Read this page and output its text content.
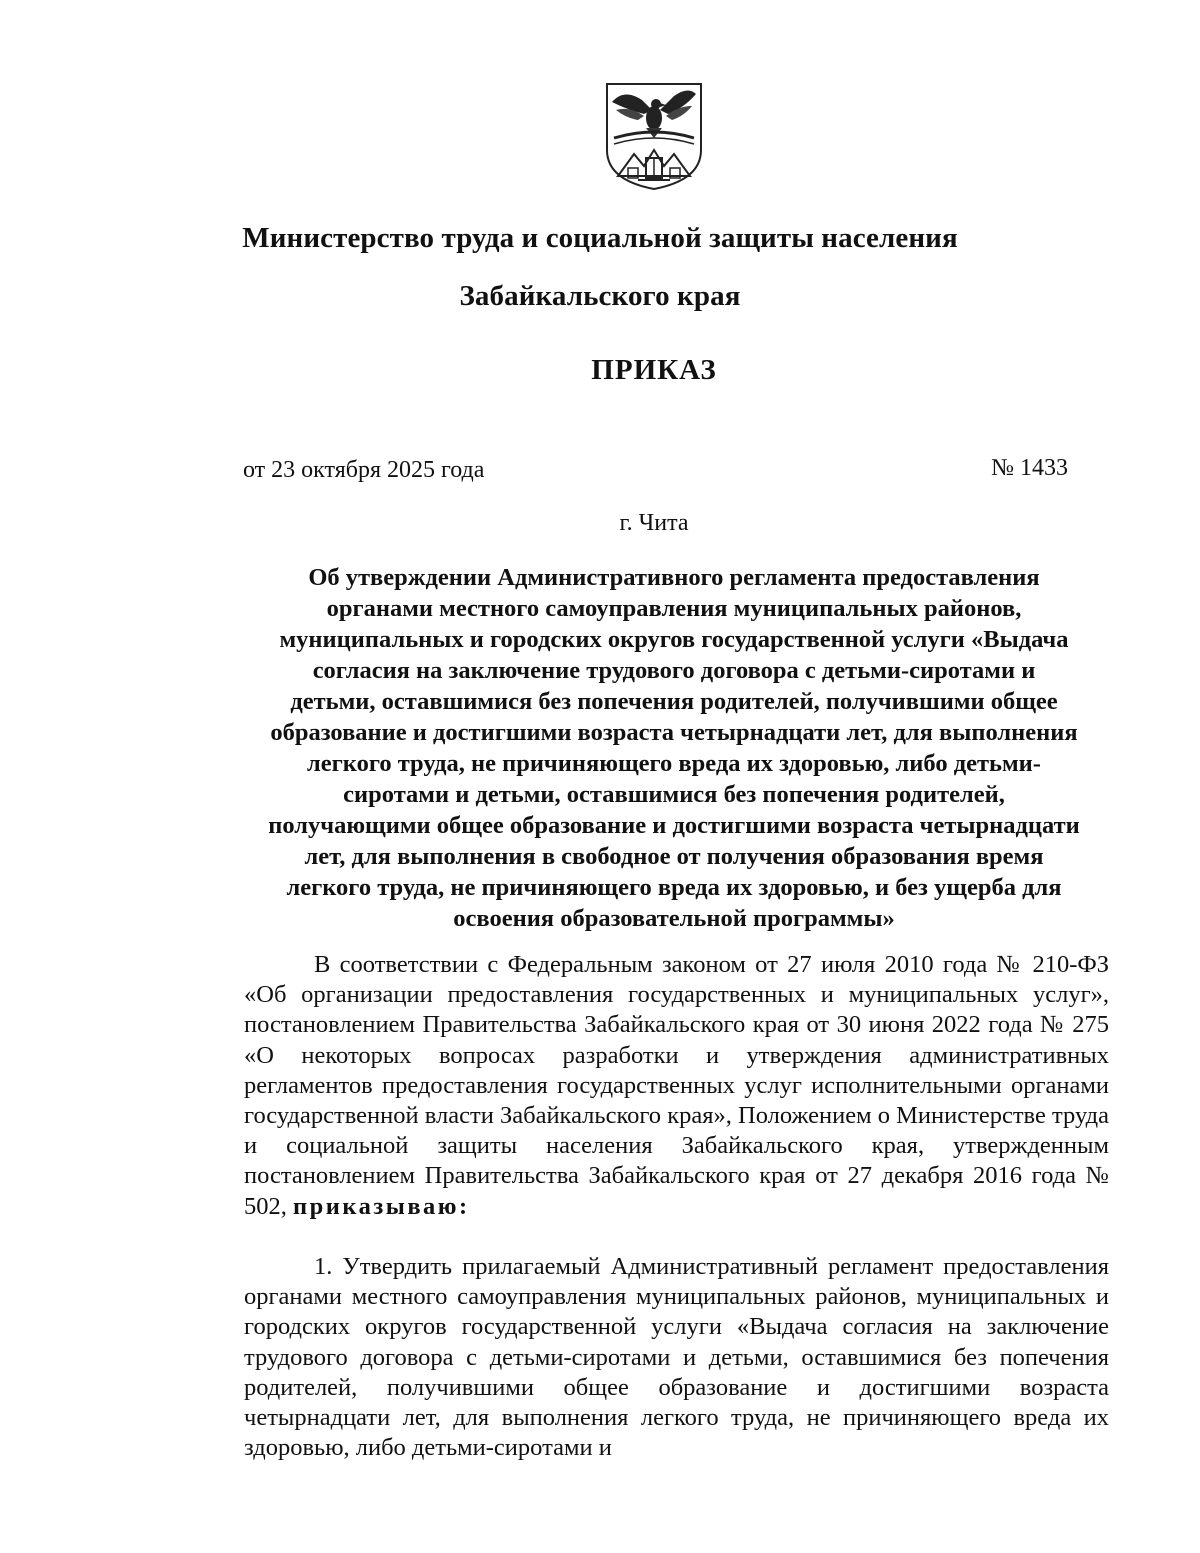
Министерство труда и социальной защиты населения
Забайкальского края
ПРИКАЗ
от 23 октября 2025 года	№ 1433
г. Чита
Об утверждении Административного регламента предоставления
органами местного самоуправления муниципальных районов,
муниципальных и городских округов государственной услуги «Выдача
согласия на заключение трудового договора с детьми-сиротами и
детьми, оставшимися без попечения родителей, получившими общее
образование и достигшими возраста четырнадцати лет, для выполнения
легкого труда, не причиняющего вреда их здоровью, либо детьми-
сиротами и детьми, оставшимися без попечения родителей,
получающими общее образование и достигшими возраста четырнадцати
лет, для выполнения в свободное от получения образования время
легкого труда, не причиняющего вреда их здоровью, и без ущерба для
освоения образовательной программы»
В соответствии с Федеральным законом от 27 июля 2010 года № 210-ФЗ «Об организации предоставления государственных и муниципальных услуг», постановлением Правительства Забайкальского края от 30 июня 2022 года № 275 «О некоторых вопросах разработки и утверждения административных регламентов предоставления государственных услуг исполнительными органами государственной власти Забайкальского края», Положением о Министерстве труда и социальной защиты населения Забайкальского края, утвержденным постановлением Правительства Забайкальского края от 27 декабря 2016 года № 502, приказываю:
1. Утвердить прилагаемый Административный регламент предоставления органами местного самоуправления муниципальных районов, муниципальных и городских округов государственной услуги «Выдача согласия на заключение трудового договора с детьми-сиротами и детьми, оставшимися без попечения родителей, получившими общее образование и достигшими возраста четырнадцати лет, для выполнения легкого труда, не причиняющего вреда их здоровью, либо детьми-сиротами и
